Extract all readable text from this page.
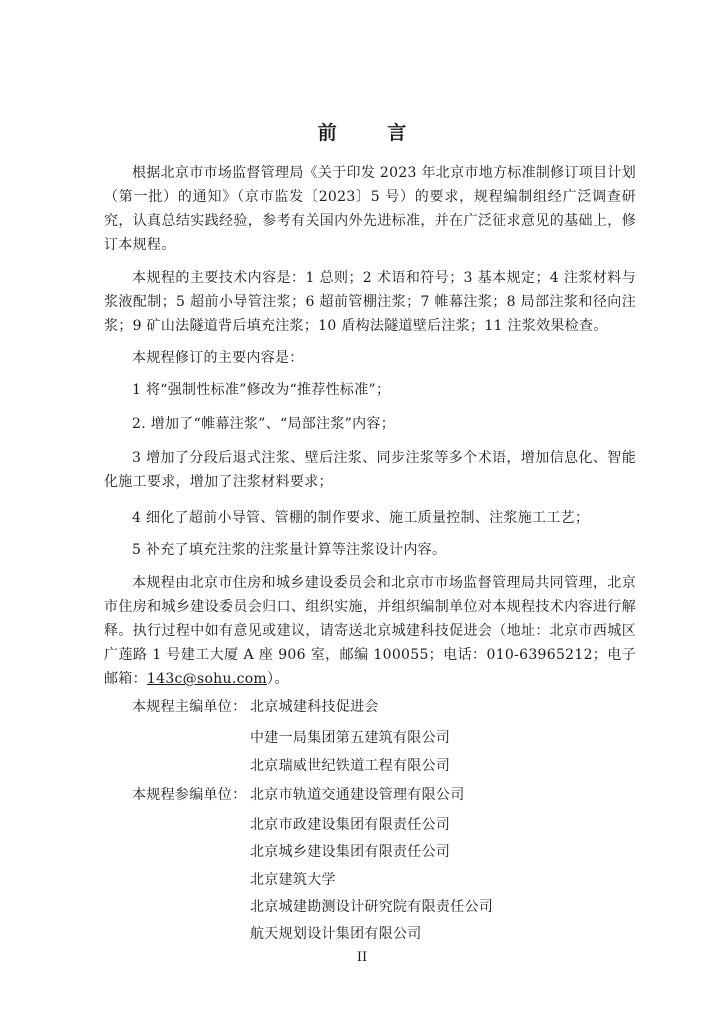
前 言

根据北京市市场监督管理局《关于印发 2023 年北京市地方标准制修订项目计划（第一批）的通知》（京市监发〔2023〕5 号）的要求，规程编制组经广泛调查研究，认真总结实践经验，参考有关国内外先进标准，并在广泛征求意见的基础上，修订本规程。

本规程的主要技术内容是：1 总则；2 术语和符号；3 基本规定；4 注浆材料与浆液配制；5 超前小导管注浆；6 超前管棚注浆；7 帷幕注浆；8 局部注浆和径向注浆；9 矿山法隧道背后填充注浆；10 盾构法隧道壁后注浆；11 注浆效果检查。

本规程修订的主要内容是：

1 将“强制性标准”修改为“推荐性标准”；

2. 增加了“帷幕注浆”、“局部注浆”内容；

3 增加了分段后退式注浆、壁后注浆、同步注浆等多个术语，增加信息化、智能化施工要求，增加了注浆材料要求；

4 细化了超前小导管、管棚的制作要求、施工质量控制、注浆施工工艺；

5 补充了填充注浆的注浆量计算等注浆设计内容。

本规程由北京市住房和城乡建设委员会和北京市市场监督管理局共同管理，北京市住房和城乡建设委员会归口、组织实施，并组织编制单位对本规程技术内容进行解释。执行过程中如有意见或建议，请寄送北京城建科技促进会（地址：北京市西城区广莲路 1 号建工大厦 A 座 906 室，邮编 100055；电话：010-63965212；电子邮箱：143c@sohu.com）。

本规程主编单位： 北京城建科技促进会
中建一局集团第五建筑有限公司
北京瑞威世纪铁道工程有限公司
本规程参编单位： 北京市轨道交通建设管理有限公司
北京市政建设集团有限责任公司
北京城乡建设集团有限责任公司
北京建筑大学
北京城建勘测设计研究院有限责任公司
航天规划设计集团有限公司
II
